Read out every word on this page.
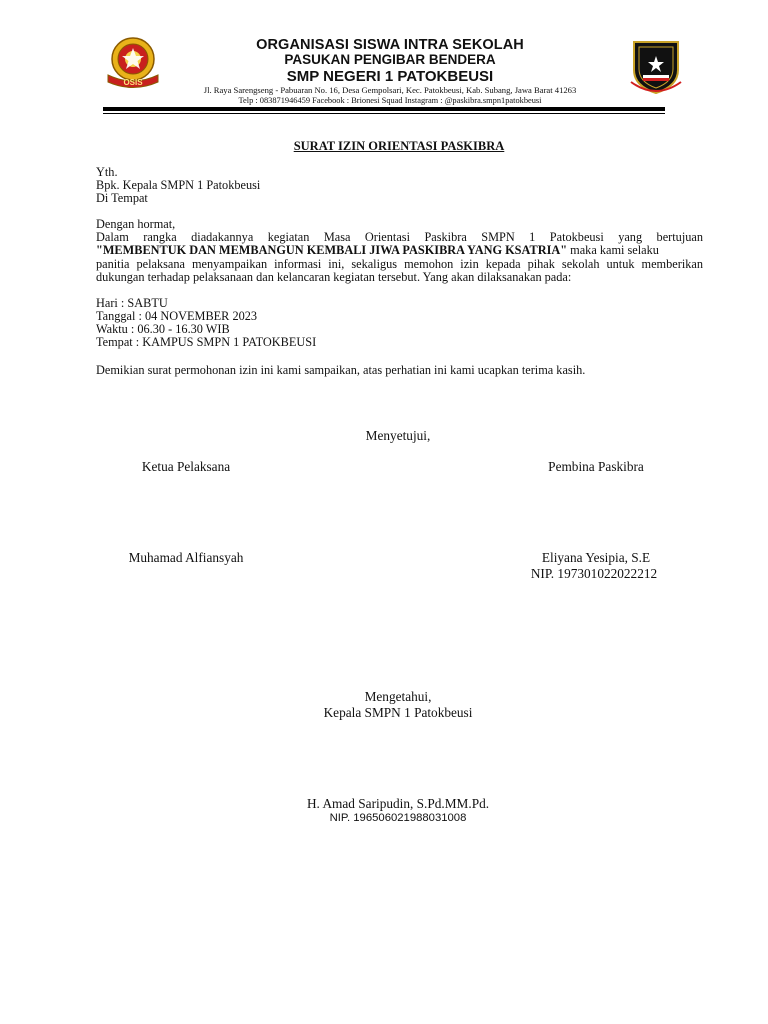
OSIS
ORGANISASI SISWA INTRA SEKOLAH
PASUKAN PENGIBAR BENDERA
SMP NEGERI 1 PATOKBEUSI
Jl. Raya Sarengseng - Pabuaran No. 16, Desa Gempolsari, Kec. Patokbeusi, Kab. Subang, Jawa Barat 41263
Telp : 083871946459 Facebook : Brionesi Squad Instagram : @paskibra.smpn1patokbeusi
SURAT IZIN ORIENTASI PASKIBRA
Yth.
Bpk. Kepala SMPN 1 Patokbeusi
Di Tempat
Dengan hormat,
Dalam rangka diadakannya kegiatan Masa Orientasi Paskibra SMPN 1 Patokbeusi yang bertujuan
"MEMBENTUK DAN MEMBANGUN KEMBALI JIWA PASKIBRA YANG KSATRIA" maka kami selaku
panitia pelaksana menyampaikan informasi ini, sekaligus memohon izin kepada pihak sekolah untuk memberikan
dukungan terhadap pelaksanaan dan kelancaran kegiatan tersebut. Yang akan dilaksanakan pada:
Hari : SABTU
Tanggal : 04 NOVEMBER 2023
Waktu : 06.30 - 16.30 WIB
Tempat : KAMPUS SMPN 1 PATOKBEUSI
Demikian surat permohonan izin ini kami sampaikan, atas perhatian ini kami ucapkan terima kasih.
Menyetujui,
Ketua Pelaksana	Pembina Paskibra
Muhamad Alfiansyah	Eliyana Yesipia, S.E
NIP. 197301022022212
Mengetahui,
Kepala SMPN 1 Patokbeusi
H. Amad Saripudin, S.Pd.MM.Pd.
NIP. 196506021988031008
